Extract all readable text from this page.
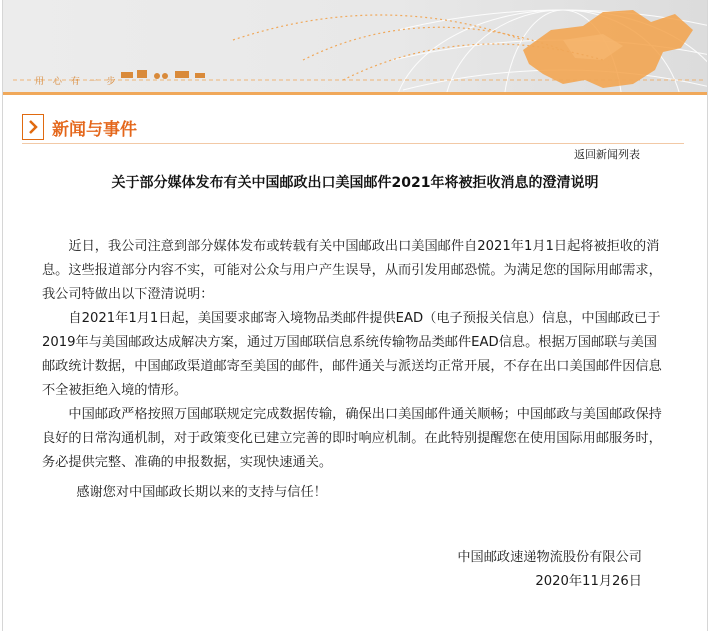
用 心 有 一 步
新闻与事件
返回新闻列表
关于部分媒体发布有关中国邮政出口美国邮件2021年将被拒收消息的澄清说明

近日，我公司注意到部分媒体发布或转载有关中国邮政出口美国邮件自2021年1月1日起将被拒收的消息。这些报道部分内容不实，可能对公众与用户产生误导，从而引发用邮恐慌。为满足您的国际用邮需求，我公司特做出以下澄清说明：

自2021年1月1日起，美国要求邮寄入境物品类邮件提供EAD（电子预报关信息）信息，中国邮政已于2019年与美国邮政达成解决方案，通过万国邮联信息系统传输物品类邮件EAD信息。根据万国邮联与美国邮政统计数据，中国邮政渠道邮寄至美国的邮件，邮件通关与派送均正常开展，不存在出口美国邮件因信息不全被拒绝入境的情形。

中国邮政严格按照万国邮联规定完成数据传输，确保出口美国邮件通关顺畅；中国邮政与美国邮政保持良好的日常沟通机制，对于政策变化已建立完善的即时响应机制。在此特别提醒您在使用国际用邮服务时，务必提供完整、准确的申报数据，实现快速通关。

感谢您对中国邮政长期以来的支持与信任！

中国邮政速递物流股份有限公司
2020年11月26日
